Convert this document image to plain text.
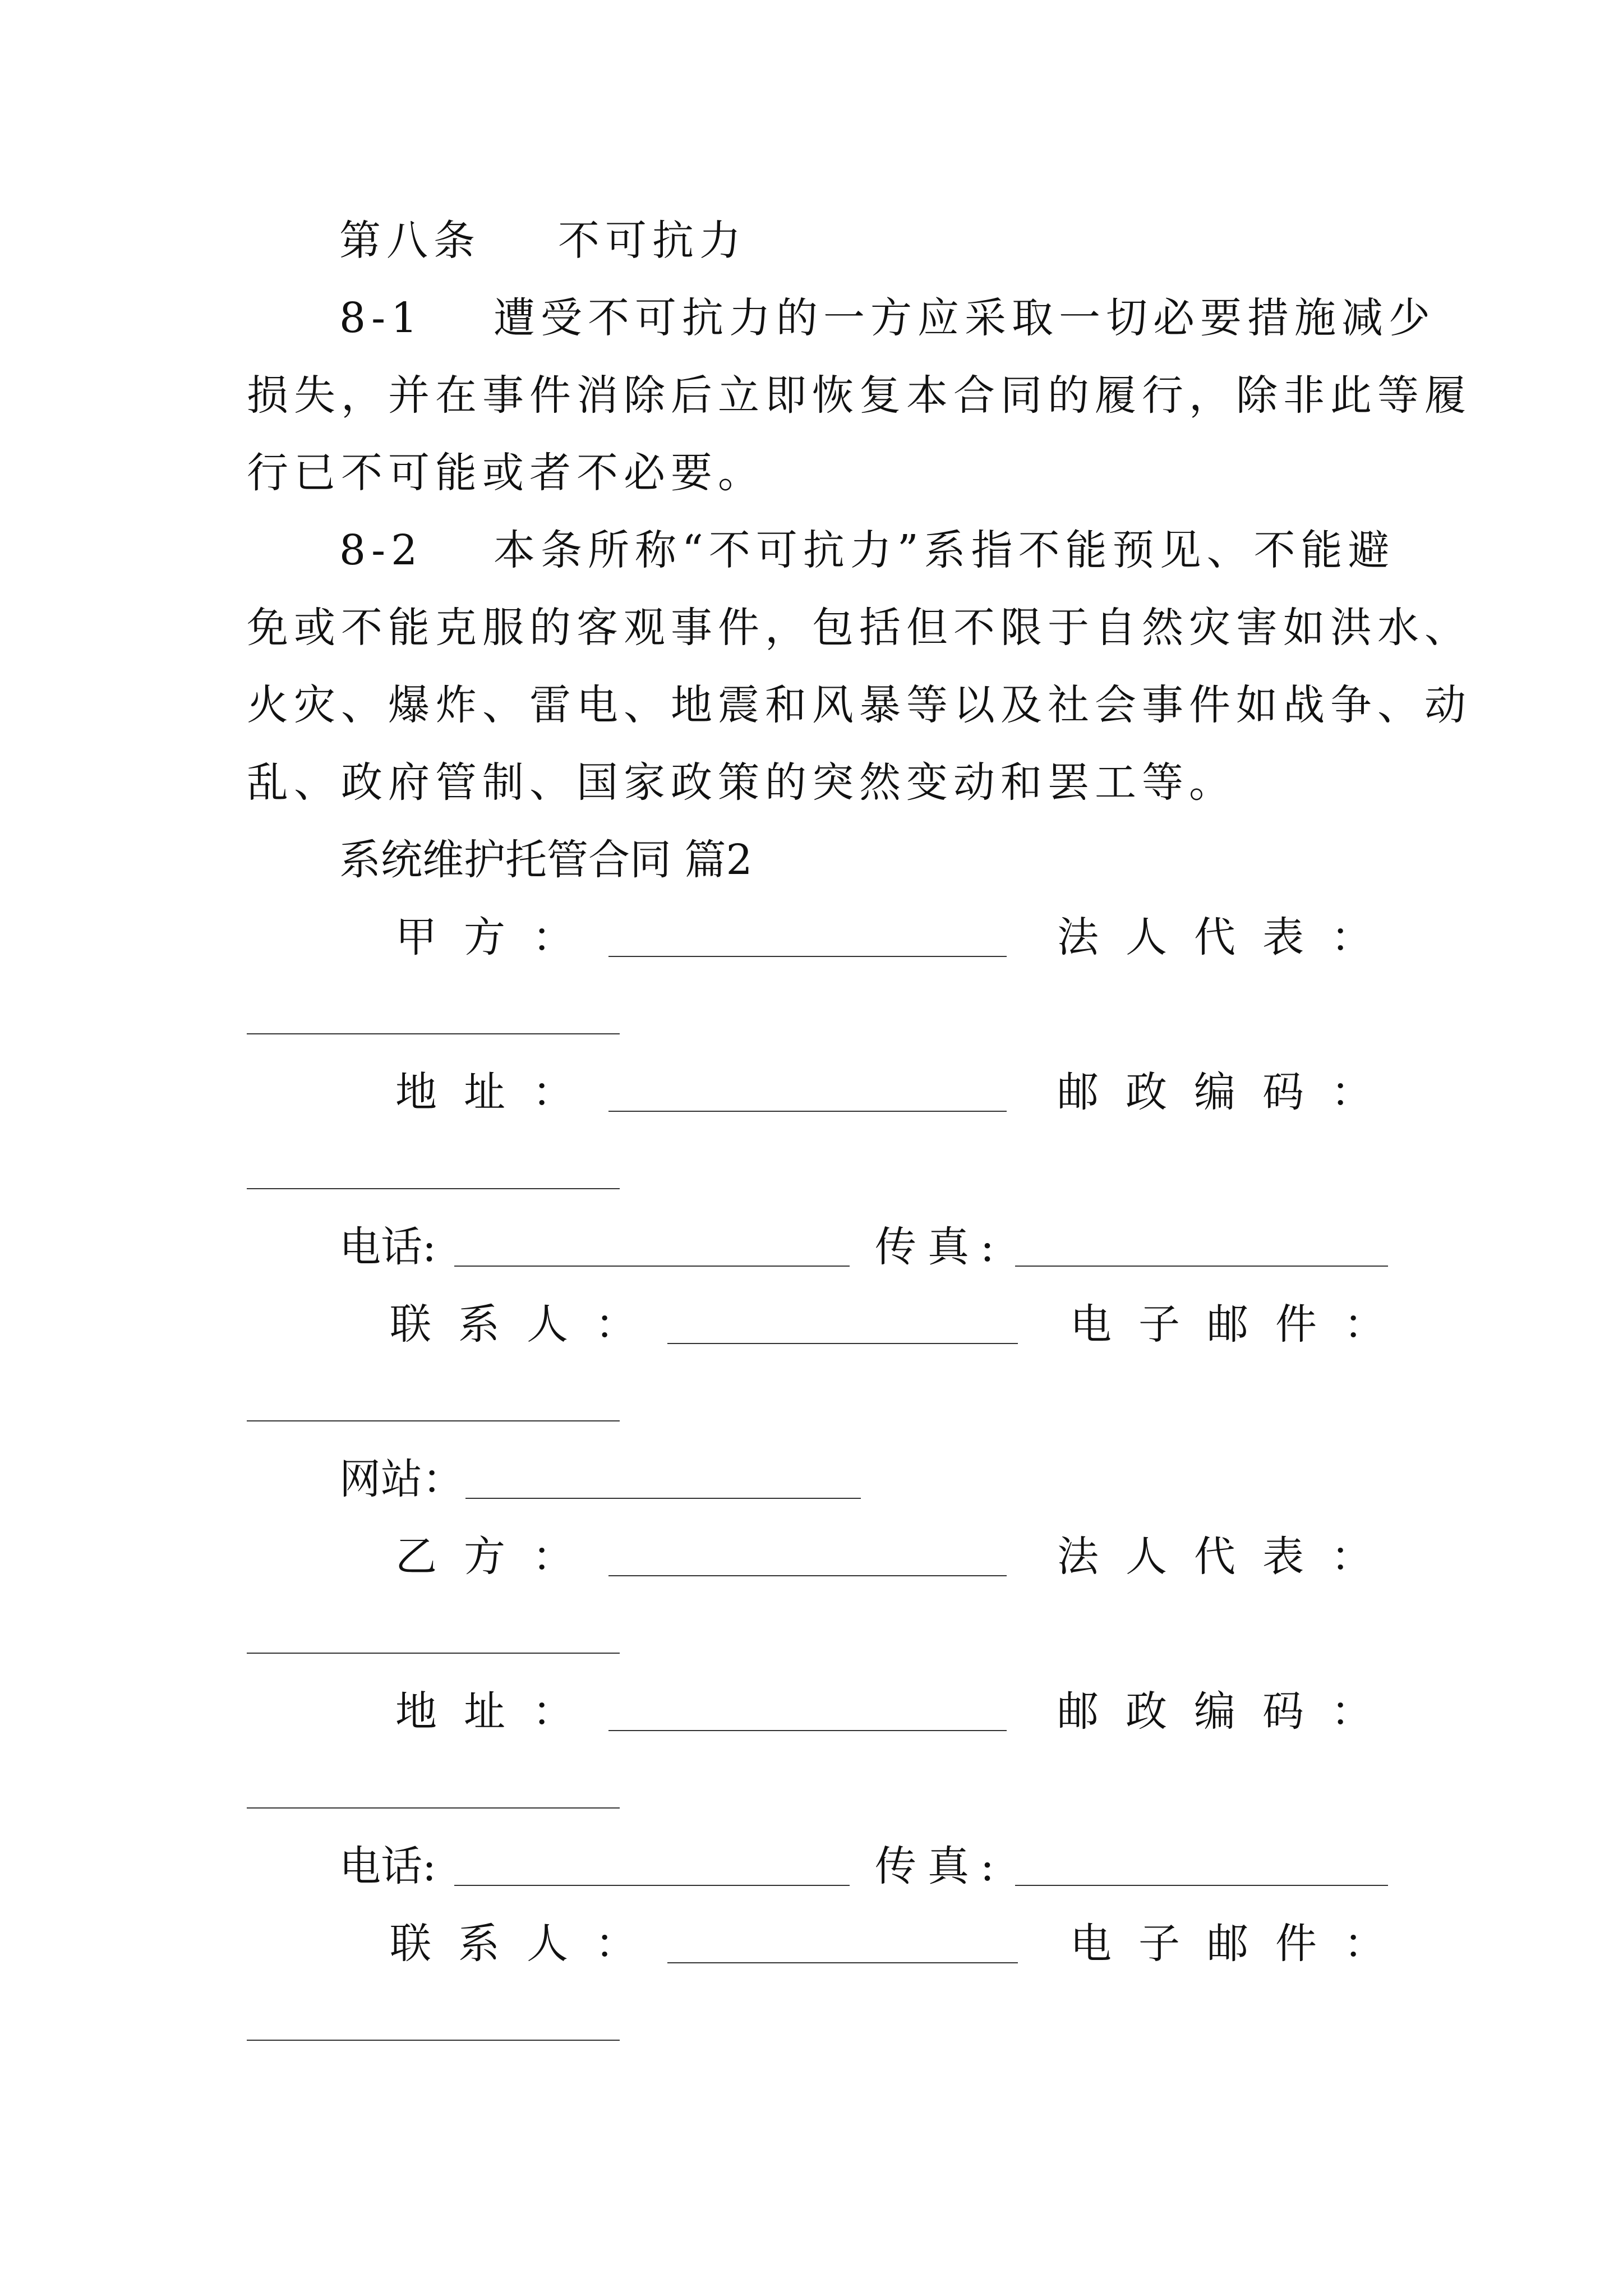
第八条 不可抗力
8-1 遭受不可抗力的一方应采取一切必要措施减少
损失，并在事件消除后立即恢复本合同的履行，除非此等履
行已不可能或者不必要。
8-2 本条所称“不可抗力”系指不能预见、不能避
免或不能克服的客观事件，包括但不限于自然灾害如洪水、
火灾、爆炸、雷电、地震和风暴等以及社会事件如战争、动
乱、政府管制、国家政策的突然变动和罢工等。
系统维护托管合同 篇2
甲方：	法人代表：
地址：	邮政编码：
电话:	传真:
联系人：	电子邮件：
网站：
乙方：	法人代表：
地址：	邮政编码：
电话:	传真:
联系人：	电子邮件：
